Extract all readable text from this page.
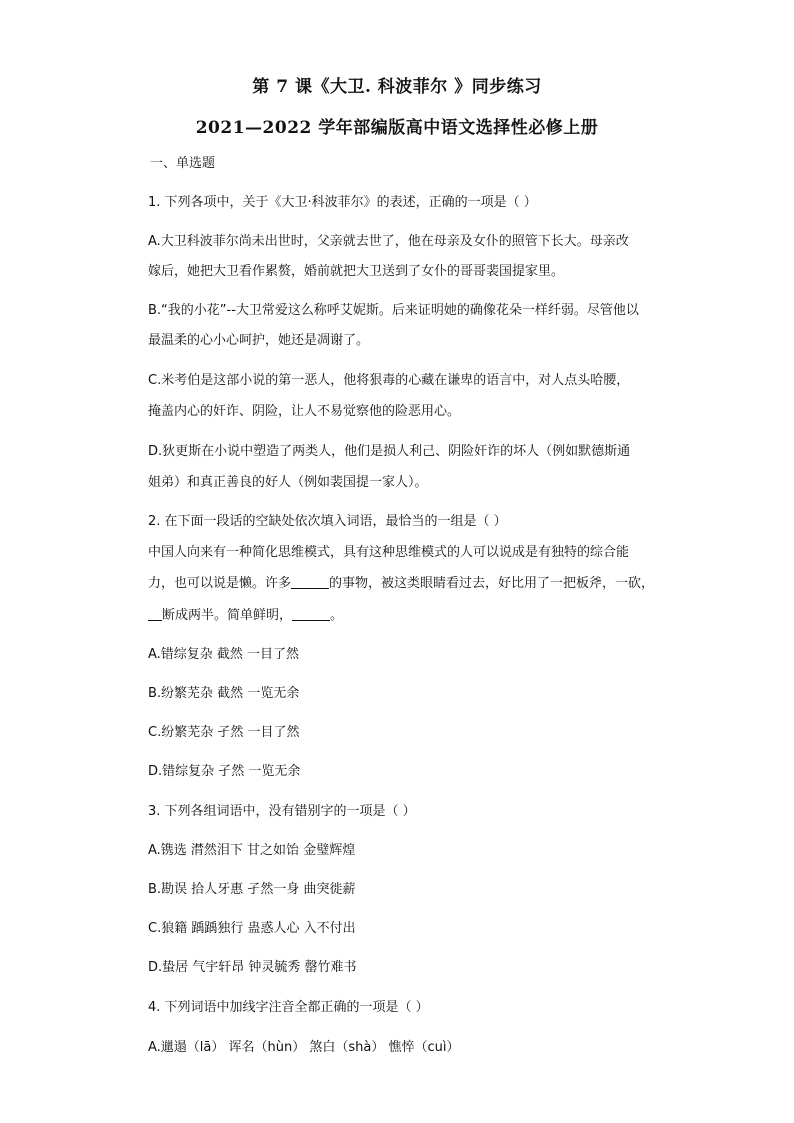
第 7 课《大卫. 科波菲尔 》同步练习
2021—2022 学年部编版高中语文选择性必修上册
一、单选题
1. 下列各项中，关于《大卫·科波菲尔》的表述，正确的一项是（ ）
A.大卫科波菲尔尚未出世时，父亲就去世了，他在母亲及女仆的照管下长大。母亲改
嫁后，她把大卫看作累赘，婚前就把大卫送到了女仆的哥哥裴国提家里。
B.“我的小花”--大卫常爱这么称呼艾妮斯。后来证明她的确像花朵一样纤弱。尽管他以
最温柔的心小心呵护，她还是凋谢了。
C.米考伯是这部小说的第一恶人，他将狠毒的心藏在谦卑的语言中，对人点头哈腰，
掩盖内心的奸诈、阴险，让人不易觉察他的险恶用心。
D.狄更斯在小说中塑造了两类人，他们是损人利己、阴险奸诈的坏人（例如默德斯通
姐弟）和真正善良的好人（例如裴国提一家人）。
2. 在下面一段话的空缺处依次填入词语，最恰当的一组是（ ）
中国人向来有一种简化思维模式，具有这种思维模式的人可以说成是有独特的综合能
力，也可以说是懒。许多	的事物，被这类眼睛看过去，好比用了一把板斧，一砍，
断成两半。简单鲜明，	。
A.错综复杂 截然 一目了然
B.纷繁芜杂 截然 一览无余
C.纷繁芜杂 孑然 一目了然
D.错综复杂 孑然 一览无余
3. 下列各组词语中，没有错别字的一项是（ ）
A.镌选 潸然泪下 甘之如饴 金璧辉煌
B.勘误 拾人牙惠 孑然一身 曲突徙薪
C.狼籍 踽踽独行 蛊惑人心 入不付出
D.蛰居 气宇轩昂 钟灵毓秀 罄竹难书
4. 下列词语中加线字注音全都正确的一项是（ ）
A.邋遢（lā） 诨名（hùn） 煞白（shà） 憔悴（cuì）
